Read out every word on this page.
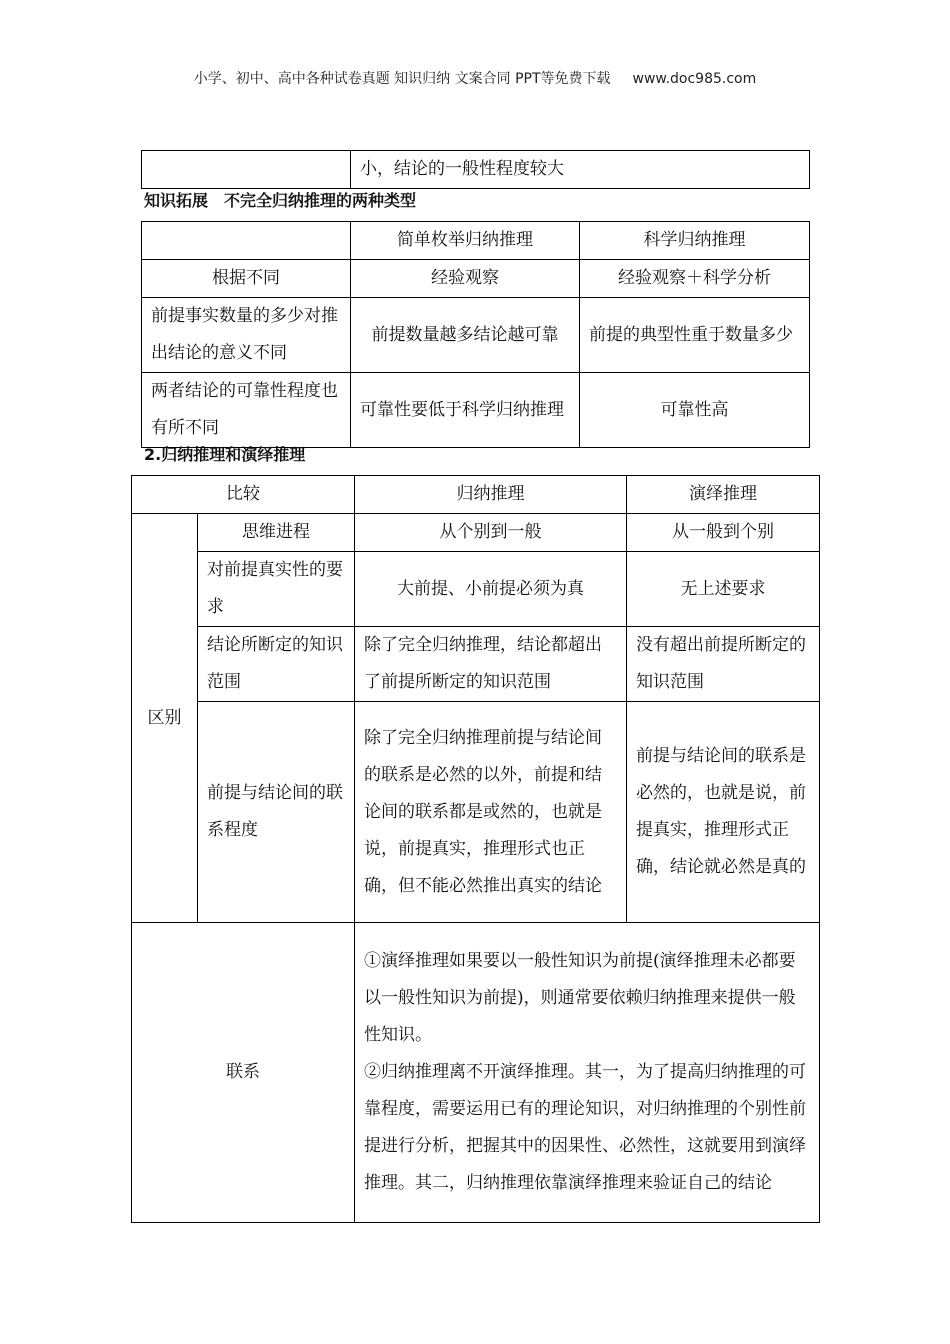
小学、初中、高中各种试卷真题 知识归纳 文案合同 PPT等免费下载 www.doc985.com
	小，结论的一般性程度较大
知识拓展　不完全归纳推理的两种类型
	简单枚举归纳推理	科学归纳推理
根据不同	经验观察	经验观察＋科学分析
前提事实数量的多少对推出结论的意义不同	前提数量越多结论越可靠	前提的典型性重于数量多少
两者结论的可靠性程度也有所不同	可靠性要低于科学归纳推理	可靠性高
2.归纳推理和演绎推理
比较		归纳推理	演绎推理
区别	思维进程	从个别到一般	从一般到个别
	对前提真实性的要求	大前提、小前提必须为真	无上述要求
	结论所断定的知识范围	除了完全归纳推理，结论都超出了前提所断定的知识范围	没有超出前提所断定的知识范围
	前提与结论间的联系程度	除了完全归纳推理前提与结论间的联系是必然的以外，前提和结论间的联系都是或然的，也就是说，前提真实，推理形式也正确，但不能必然推出真实的结论	前提与结论间的联系是必然的，也就是说，前提真实，推理形式正确，结论就必然是真的
联系		①演绎推理如果要以一般性知识为前提(演绎推理未必都要以一般性知识为前提)，则通常要依赖归纳推理来提供一般性知识。
②归纳推理离不开演绎推理。其一，为了提高归纳推理的可靠程度，需要运用已有的理论知识，对归纳推理的个别性前提进行分析，把握其中的因果性、必然性，这就要用到演绎推理。其二，归纳推理依靠演绎推理来验证自己的结论	
